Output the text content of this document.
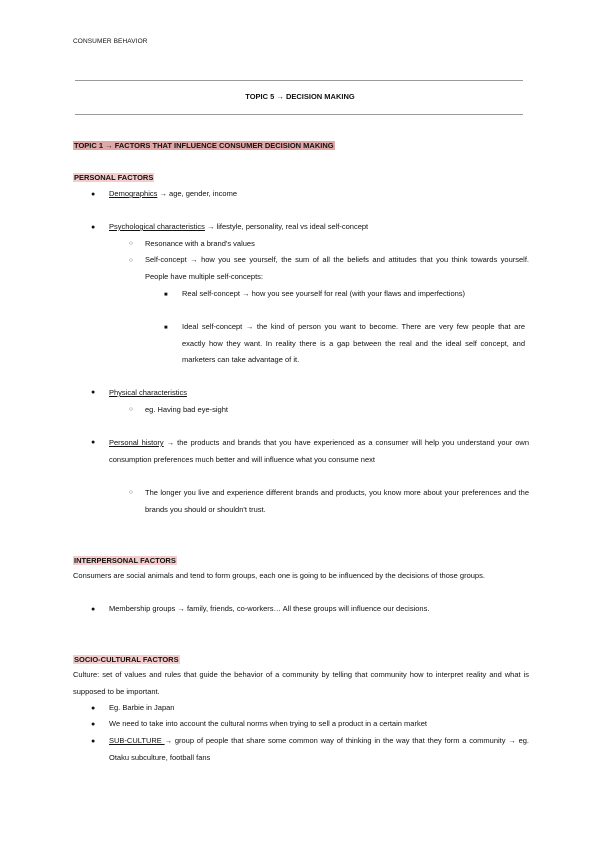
CONSUMER BEHAVIOR
TOPIC 5 → DECISION MAKING
TOPIC 1 → FACTORS THAT INFLUENCE CONSUMER DECISION MAKING
PERSONAL FACTORS
● Demographics → age, gender, income
● Psychological characteristics → lifestyle, personality, real vs ideal self-concept
○ Resonance with a brand's values
○ Self-concept → how you see yourself, the sum of all the beliefs and attitudes that you think towards yourself. People have multiple self-concepts:
■ Real self-concept → how you see yourself for real (with your flaws and imperfections)
■ Ideal self-concept → the kind of person you want to become. There are very few people that are exactly how they want. In reality there is a gap between the real and the ideal self concept, and marketers can take advantage of it.
● Physical characteristics
○ eg. Having bad eye-sight
● Personal history → the products and brands that you have experienced as a consumer will help you understand your own consumption preferences much better and will influence what you consume next
○ The longer you live and experience different brands and products, you know more about your preferences and the brands you should or shouldn't trust.
INTERPERSONAL FACTORS
Consumers are social animals and tend to form groups, each one is going to be influenced by the decisions of those groups.
● Membership groups → family, friends, co-workers… All these groups will influence our decisions.
SOCIO-CULTURAL FACTORS
Culture: set of values and rules that guide the behavior of a community by telling that community how to interpret reality and what is supposed to be important.
● Eg. Barbie in Japan
● We need to take into account the cultural norms when trying to sell a product in a certain market
● SUB-CULTURE → group of people that share some common way of thinking in the way that they form a community → eg. Otaku subculture, football fans
